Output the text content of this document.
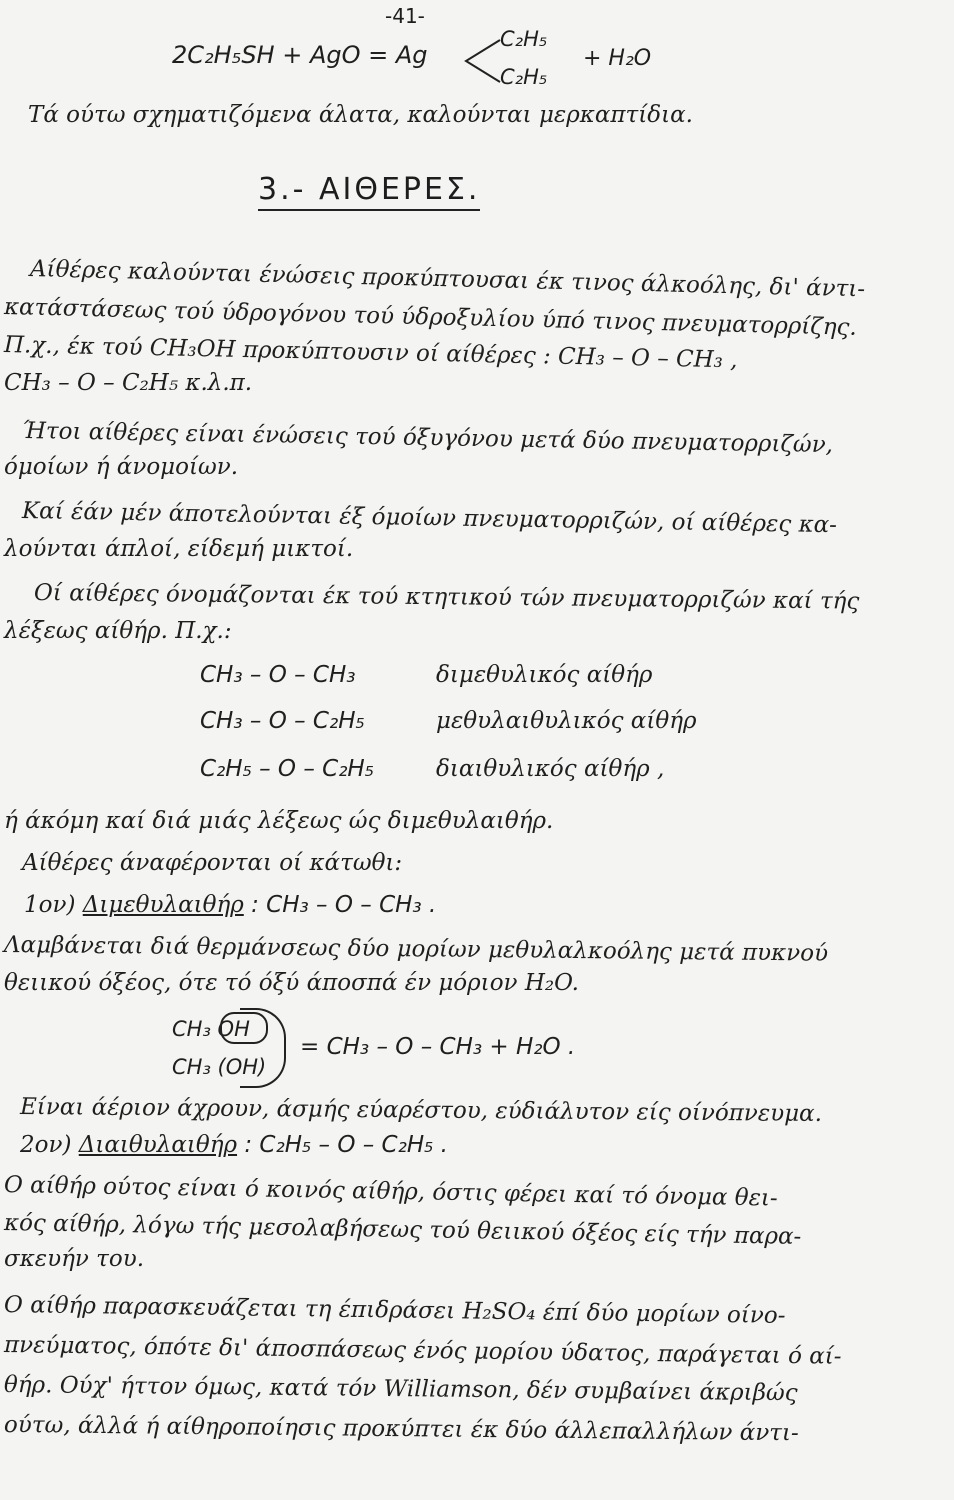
-41-
2C₂H₅SH + AgO = Ag
C₂H₅
C₂H₅
+ H₂O
Τά ούτω σχηματιζόμενα άλατα, καλούνται μερκαπτίδια.
3.- ΑΙΘΕΡΕΣ.
Αίθέρες καλούνται ένώσεις προκύπτουσαι έκ τινος άλκοόλης, δι' άντι-
κατάστάσεως τού ύδρογόνου τού ύδροξυλίου ύπό τινος πνευματορρίζης.
Π.χ., έκ τού CH₃OH προκύπτουσιν οί αίθέρες : CH₃ – O – CH₃ ,
CH₃ – O – C₂H₅ κ.λ.π.
Ήτοι αίθέρες είναι ένώσεις τού όξυγόνου μετά δύο πνευματορριζών,
όμοίων ή άνομοίων.
Καί έάν μέν άποτελούνται έξ όμοίων πνευματορριζών, οί αίθέρες κα-
λούνται άπλοί, είδεμή μικτοί.
Οί αίθέρες όνομάζονται έκ τού κτητικού τών πνευματορριζών καί τής
λέξεως αίθήρ. Π.χ.:
CH₃ – O – CH₃	διμεθυλικός αίθήρ
CH₃ – O – C₂H₅	μεθυλαιθυλικός αίθήρ
C₂H₅ – O – C₂H₅	διαιθυλικός αίθήρ ,
ή άκόμη καί διά μιάς λέξεως ώς διμεθυλαιθήρ.
Αίθέρες άναφέρονται οί κάτωθι:
1ον) Διμεθυλαιθήρ : CH₃ – O – CH₃ .
Λαμβάνεται διά θερμάνσεως δύο μορίων μεθυλαλκοόλης μετά πυκνού
θειικού όξέος, ότε τό όξύ άποσπά έν μόριον H₂O.
CH₃ OH
CH₃ (OH)
= CH₃ – O – CH₃ + H₂O .
Είναι άέριον άχρουν, άσμής εύαρέστου, εύδιάλυτον είς οίνόπνευμα.
2ον) Διαιθυλαιθήρ : C₂H₅ – O – C₂H₅ .
Ο αίθήρ ούτος είναι ό κοινός αίθήρ, όστις φέρει καί τό όνομα θει-
κός αίθήρ, λόγω τής μεσολαβήσεως τού θειικού όξέος είς τήν παρα-
σκευήν του.
Ο αίθήρ παρασκευάζεται τη έπιδράσει H₂SO₄ έπί δύο μορίων οίνο-
πνεύματος, όπότε δι' άποσπάσεως ένός μορίου ύδατος, παράγεται ό αί-
θήρ. Ούχ' ήττον όμως, κατά τόν Williamson, δέν συμβαίνει άκριβώς
ούτω, άλλά ή αίθηροποίησις προκύπτει έκ δύο άλλεπαλλήλων άντι-
